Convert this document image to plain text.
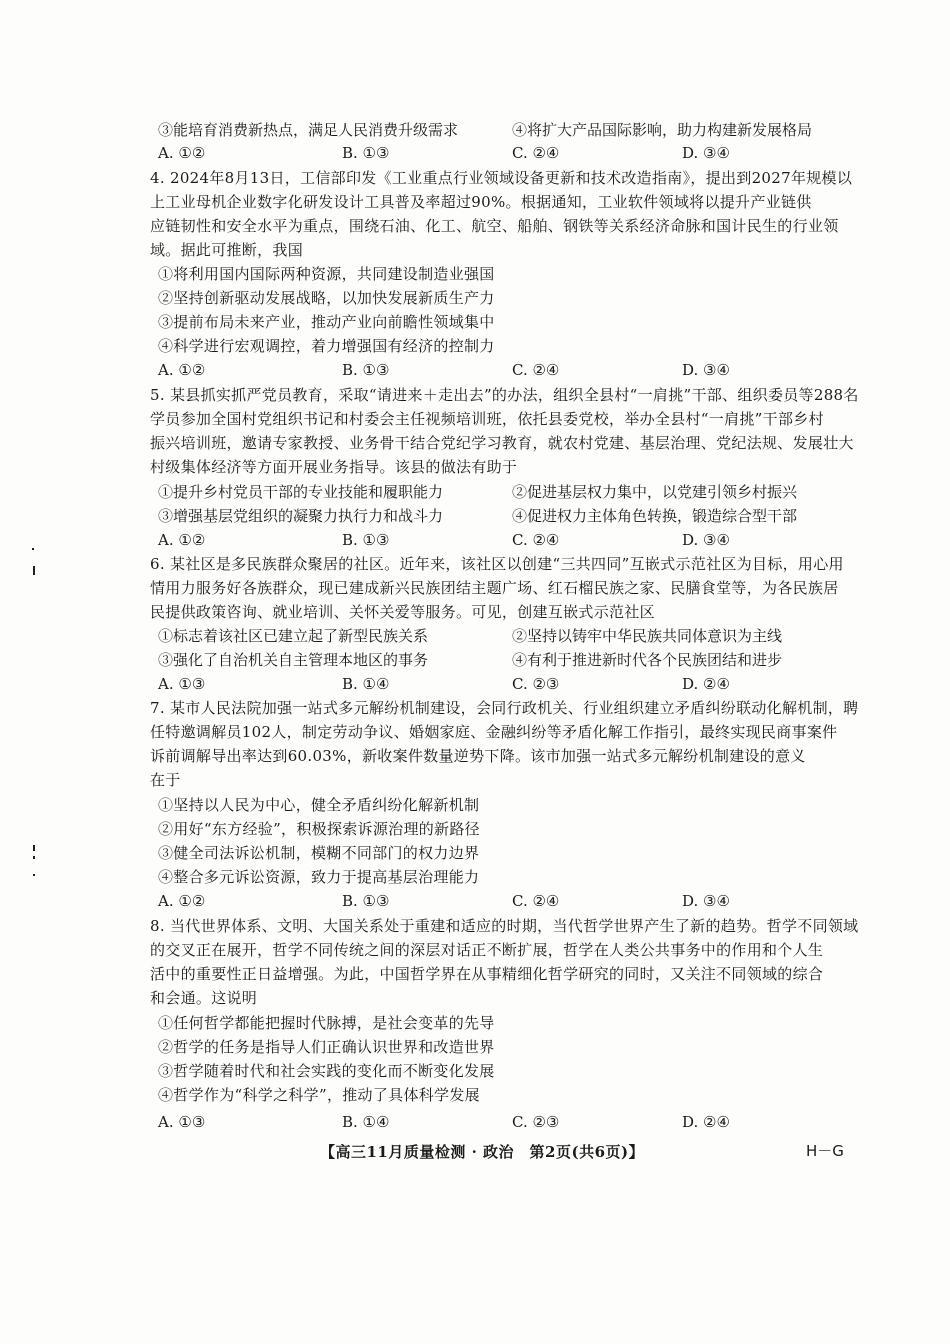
③能培育消费新热点，满足人民消费升级需求	④将扩大产品国际影响，助力构建新发展格局
A. ①②	B. ①③	C. ②④	D. ③④
4. 2024年8月13日，工信部印发《工业重点行业领域设备更新和技术改造指南》，提出到2027年规模以
上工业母机企业数字化研发设计工具普及率超过90%。根据通知，工业软件领域将以提升产业链供
应链韧性和安全水平为重点，围绕石油、化工、航空、船舶、钢铁等关系经济命脉和国计民生的行业领
域。据此可推断，我国
①将利用国内国际两种资源，共同建设制造业强国
②坚持创新驱动发展战略，以加快发展新质生产力
③提前布局未来产业，推动产业向前瞻性领域集中
④科学进行宏观调控，着力增强国有经济的控制力
A. ①②	B. ①③	C. ②④	D. ③④
5. 某县抓实抓严党员教育，采取“请进来＋走出去”的办法，组织全县村“一肩挑”干部、组织委员等288名
学员参加全国村党组织书记和村委会主任视频培训班，依托县委党校，举办全县村“一肩挑”干部乡村
振兴培训班，邀请专家教授、业务骨干结合党纪学习教育，就农村党建、基层治理、党纪法规、发展壮大
村级集体经济等方面开展业务指导。该县的做法有助于
①提升乡村党员干部的专业技能和履职能力	②促进基层权力集中，以党建引领乡村振兴
③增强基层党组织的凝聚力执行力和战斗力	④促进权力主体角色转换，锻造综合型干部
A. ①②	B. ①③	C. ②④	D. ③④
6. 某社区是多民族群众聚居的社区。近年来，该社区以创建“三共四同”互嵌式示范社区为目标，用心用
情用力服务好各族群众，现已建成新兴民族团结主题广场、红石榴民族之家、民膳食堂等，为各民族居
民提供政策咨询、就业培训、关怀关爱等服务。可见，创建互嵌式示范社区
①标志着该社区已建立起了新型民族关系	②坚持以铸牢中华民族共同体意识为主线
③强化了自治机关自主管理本地区的事务	④有利于推进新时代各个民族团结和进步
A. ①③	B. ①④	C. ②③	D. ②④
7. 某市人民法院加强一站式多元解纷机制建设，会同行政机关、行业组织建立矛盾纠纷联动化解机制，聘
任特邀调解员102人，制定劳动争议、婚姻家庭、金融纠纷等矛盾化解工作指引，最终实现民商事案件
诉前调解导出率达到60.03%，新收案件数量逆势下降。该市加强一站式多元解纷机制建设的意义
在于
①坚持以人民为中心，健全矛盾纠纷化解新机制
②用好“东方经验”，积极探索诉源治理的新路径
③健全司法诉讼机制，模糊不同部门的权力边界
④整合多元诉讼资源，致力于提高基层治理能力
A. ①②	B. ①③	C. ②④	D. ③④
8. 当代世界体系、文明、大国关系处于重建和适应的时期，当代哲学世界产生了新的趋势。哲学不同领域
的交叉正在展开，哲学不同传统之间的深层对话正不断扩展，哲学在人类公共事务中的作用和个人生
活中的重要性正日益增强。为此，中国哲学界在从事精细化哲学研究的同时，又关注不同领域的综合
和会通。这说明
①任何哲学都能把握时代脉搏，是社会变革的先导
②哲学的任务是指导人们正确认识世界和改造世界
③哲学随着时代和社会实践的变化而不断变化发展
④哲学作为“科学之科学”，推动了具体科学发展
A. ①③	B. ①④	C. ②③	D. ②④
【高三11月质量检测 · 政治　第2页(共6页)】	H－G
